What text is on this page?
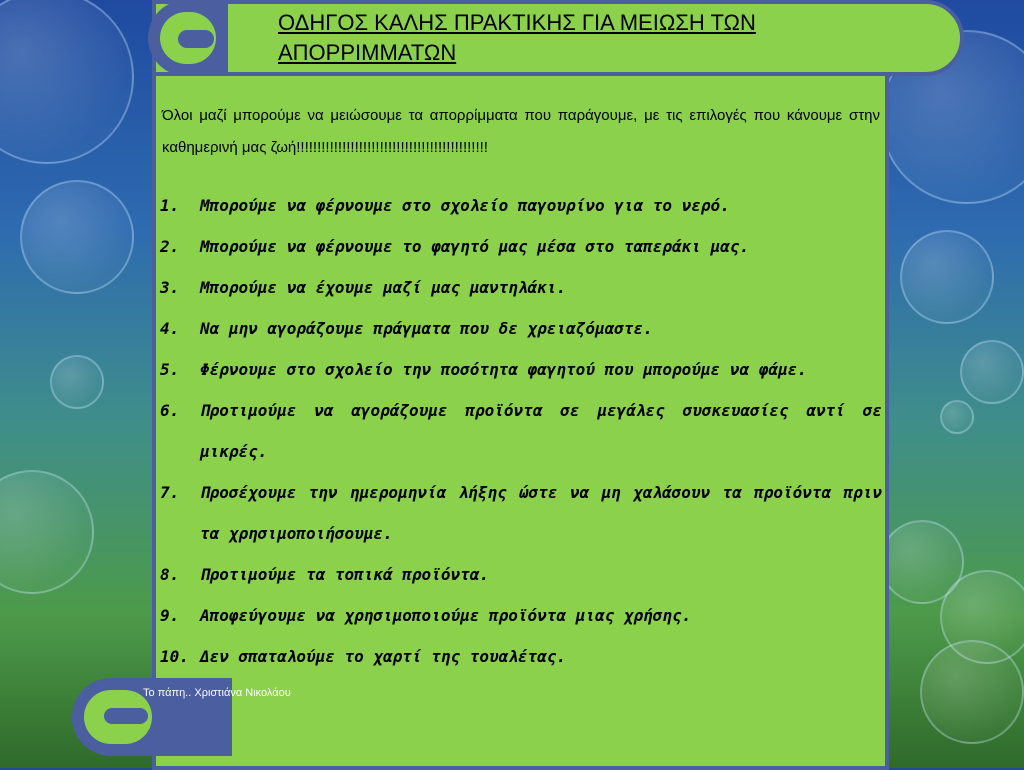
ΟΔΗΓΟΣ ΚΑΛΗΣ ΠΡΑΚΤΙΚΗΣ ΓΙΑ ΜΕΙΩΣΗ ΤΩΝ ΑΠΟΡΡΙΜΜΑΤΩΝ

Όλοι μαζί μπορούμε να μειώσουμε τα απορρίμματα που παράγουμε, με τις επιλογές που κάνουμε στην καθημερινή μας ζωή!!!!!!!!!!!!!!!!!!!!!!!!!!!!!!!!!!!!!!!!!!!!!!

1.	Μπορούμε να φέρνουμε στο σχολείο παγουρίνο για το νερό.
2.	Μπορούμε να φέρνουμε το φαγητό μας μέσα στο ταπεράκι μας.
3.	Μπορούμε να έχουμε μαζί μας μαντηλάκι.
4.	Να μην αγοράζουμε πράγματα που δε χρειαζόμαστε.
5.	Φέρνουμε στο σχολείο την ποσότητα φαγητού που μπορούμε να φάμε.
6.	Προτιμούμε να αγοράζουμε προϊόντα σε μεγάλες συσκευασίες αντί σε μικρές.
7.	Προσέχουμε την ημερομηνία λήξης ώστε να μη χαλάσουν τα προϊόντα πριν τα χρησιμοποιήσουμε.
8.	Προτιμούμε τα τοπικά προϊόντα.
9.	Αποφεύγουμε να χρησιμοποιούμε προϊόντα μιας χρήσης.
10. Δεν σπαταλούμε το χαρτί της τουαλέτας.
Το πάπη.. Χριστιάνα Νικολάου
